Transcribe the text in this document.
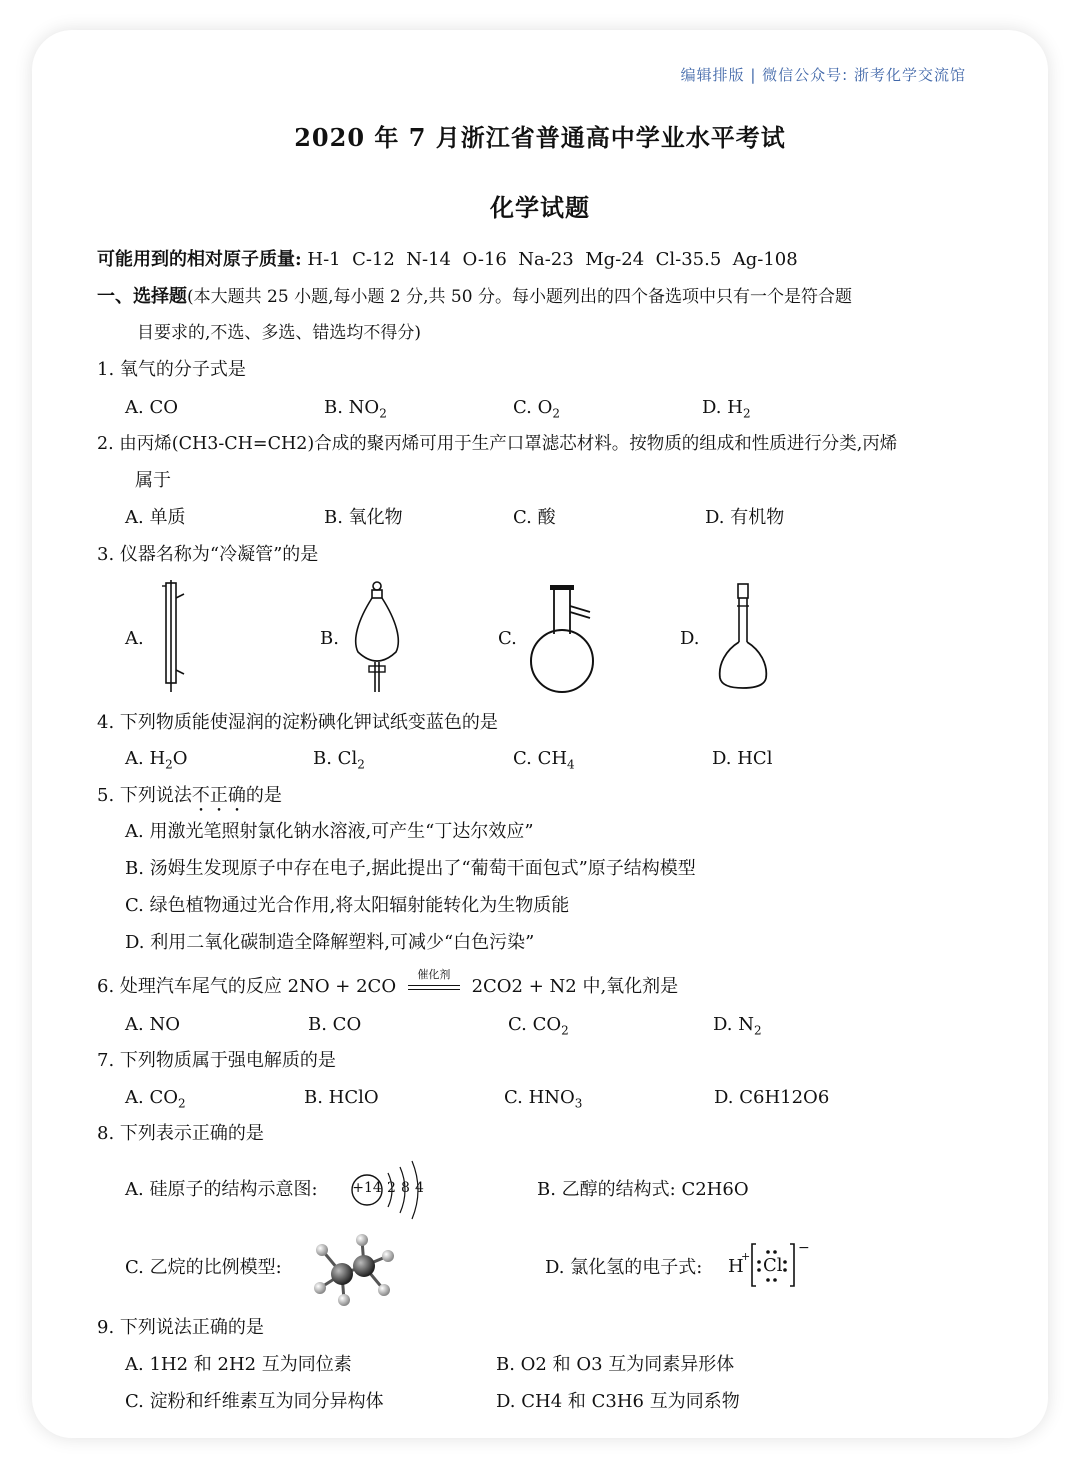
编辑排版 | 微信公众号: 浙考化学交流馆
2020 年 7 月浙江省普通高中学业水平考试
化学试题
可能用到的相对原子质量: H-1  C-12  N-14  O-16  Na-23  Mg-24  Cl-35.5  Ag-108
一、选择题(本大题共 25 小题,每小题 2 分,共 50 分。每小题列出的四个备选项中只有一个是符合题
目要求的,不选、多选、错选均不得分)
1. 氧气的分子式是
A. CO	B. $NO_2$	C. $O_2$	D. $H_2$
2. 由丙烯(CH3-CH=CH2)合成的聚丙烯可用于生产口罩滤芯材料。按物质的组成和性质进行分类,丙烯
属于
A. 单质	B. 氧化物	C. 酸	D. 有机物
3. 仪器名称为“冷凝管”的是
A.	B.	C.	D.
4. 下列物质能使湿润的淀粉碘化钾试纸变蓝色的是
A. $H_2O$	B. $Cl_2$	C. $CH_4$	D. HCl
5. 下列说法不正确的是
A. 用激光笔照射氯化钠水溶液,可产生“丁达尔效应”
B. 汤姆生发现原子中存在电子,据此提出了“葡萄干面包式”原子结构模型
C. 绿色植物通过光合作用,将太阳辐射能转化为生物质能
D. 利用二氧化碳制造全降解塑料,可减少“白色污染”
6. 处理汽车尾气的反应 2NO + 2CO
催化剂
2CO2 + N2 中,氧化剂是
A. NO	B. CO	C. $CO_2$	D. $N_2$
7. 下列物质属于强电解质的是
A. $CO_2$	B. HClO	C. $HNO_3$	D. C6H12O6
8. 下列表示正确的是
A. 硅原子的结构示意图: +14 2 8 4	B. 乙醇的结构式: C2H6O
C. 乙烷的比例模型:	D. 氯化氢的电子式: H
+ Cl
−
9. 下列说法正确的是
A. 1H2 和 2H2 互为同位素	B. O2 和 O3 互为同素异形体
C. 淀粉和纤维素互为同分异构体	D. CH4 和 C3H6 互为同系物
